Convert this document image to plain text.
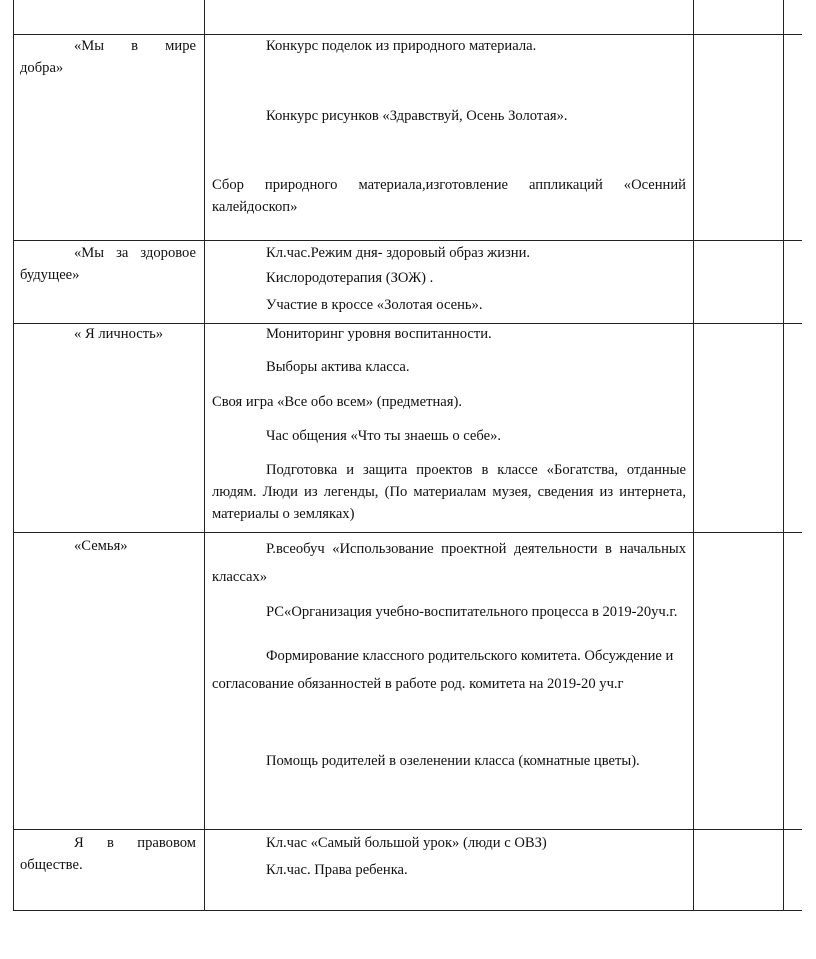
«Мы в мире
добра»
Конкурс поделок из природного материала.
Конкурс рисунков «Здравствуй, Осень Золотая».
Сбор природного материала,изготовление аппликаций «Осенний калейдоскоп»
«Мы за здоровое
будущее»
Кл.час.Режим дня- здоровый образ жизни.
Кислородотерапия (ЗОЖ) .
Участие в кроссе «Золотая осень».
« Я личность»	Мониторинг уровня воспитанности.
Выборы актива класса.
Своя игра «Все обо всем» (предметная).
Час общения «Что ты знаешь о себе».
Подготовка и защита проектов в классе «Богатства, отданные людям. Люди из легенды, (По материалам музея, сведения из интернета, материалы о земляках)
«Семья»	Р.всеобуч «Использование проектной деятельности в начальных классах»
РС«Организация учебно-воспитательного процесса в 2019-20уч.г.
Формирование классного родительского комитета. Обсуждение и согласование обязанностей в работе род. комитета на 2019-20 уч.г
Помощь родителей в озеленении класса (комнатные цветы).
Я в правовом
обществе.
Кл.час «Самый большой урок» (люди с ОВЗ)
Кл.час. Права ребенка.
